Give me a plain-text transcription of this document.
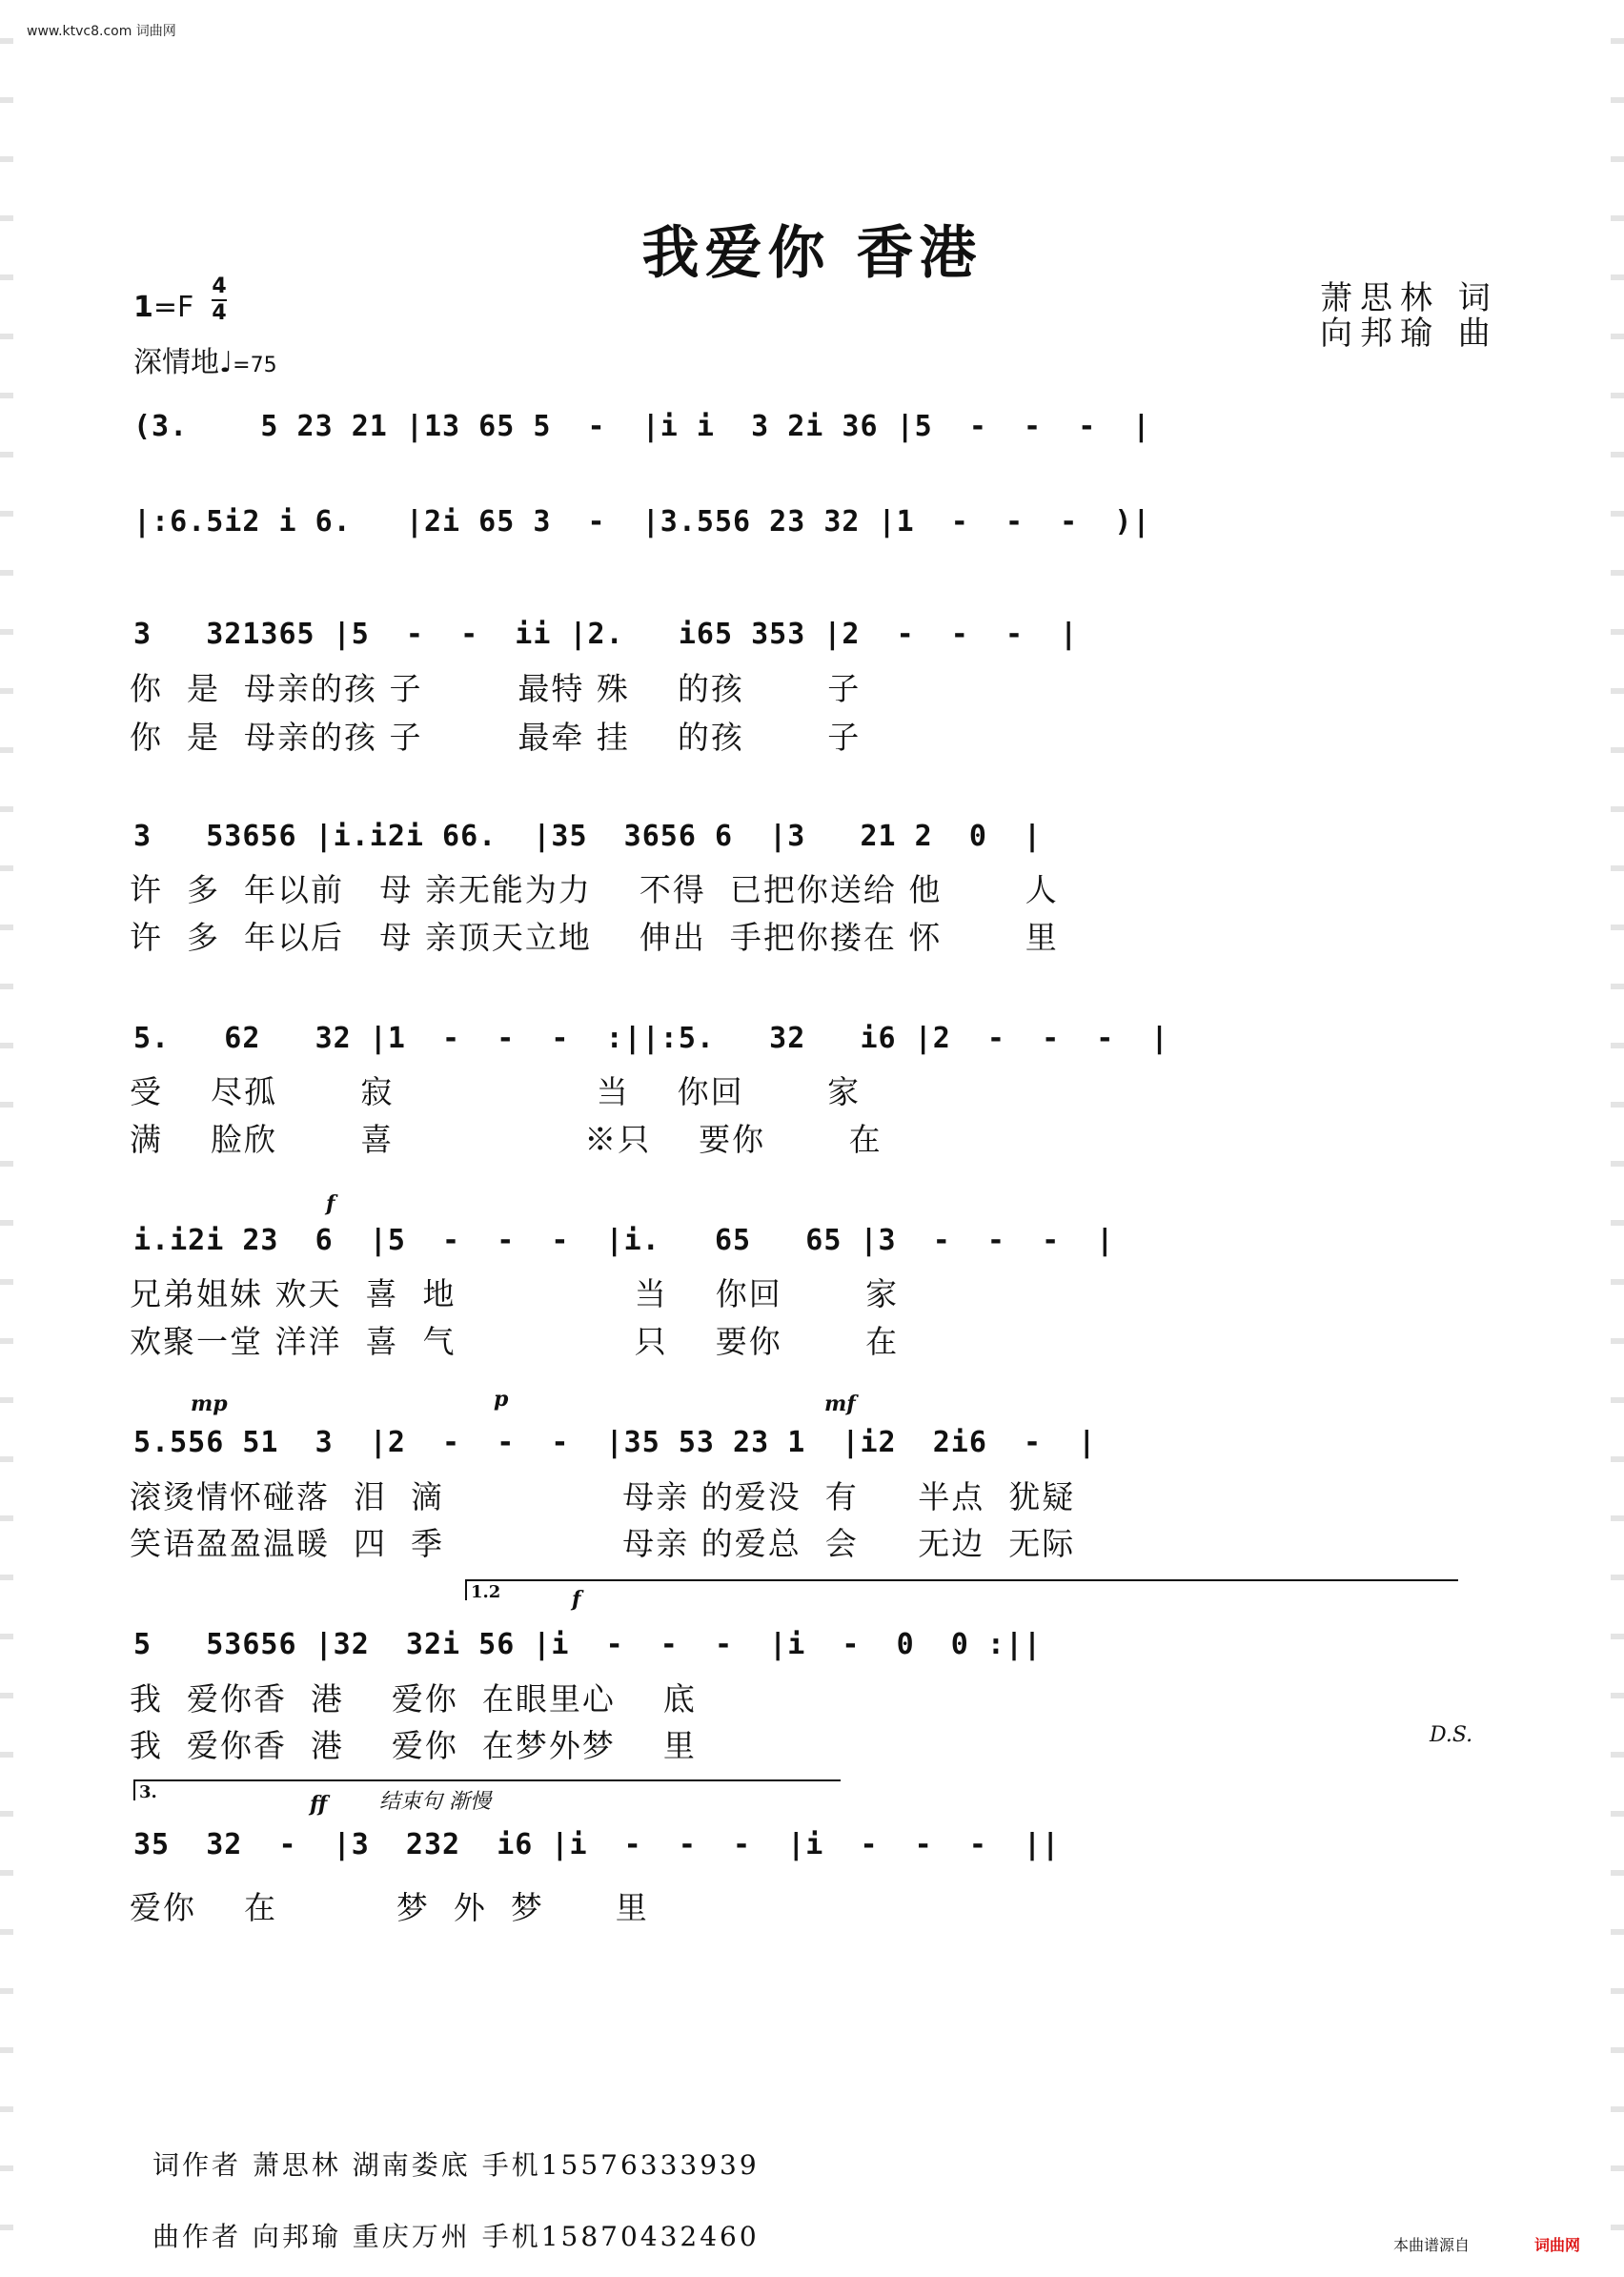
www.ktvc8.com 词曲网
我爱你 香港
萧思林 词
向邦瑜 曲
1=F
4
4
深情地♩=75
(3.    5 23 21 |13 65 5  -  |i i  3 2i 36 |5  -  -  -  |
|:6.5i2 i 6.   |2i 65 3  -  |3.556 23 32 |1  -  -  -  )|
3   321365 |5  -  -  ii |2.   i65 353 |2  -  -  -  |
你  是  母亲的孩 子        最特 殊    的孩       子
你  是  母亲的孩 子        最牵 挂    的孩       子
3   53656 |i.i2i 66.  |35  3656 6  |3   21 2  0  |
许  多  年以前   母 亲无能为力    不得  已把你送给 他       人
许  多  年以后   母 亲顶天立地    伸出  手把你搂在 怀       里
5.   62   32 |1  -  -  -  :||:5.   32   i6 |2  -  -  -  |
受    尽孤       寂                 当    你回       家
满    脸欣       喜                ※只    要你       在
i.i2i 23  6  |5  -  -  -  |i.   65   65 |3  -  -  -  |
兄弟姐妹 欢天  喜  地               当    你回       家
欢聚一堂 洋洋  喜  气               只    要你       在
5.556 51  3  |2  -  -  -  |35 53 23 1  |i2  2i6  -  |
滚烫情怀碰落  泪  滴               母亲 的爱没  有     半点  犹疑
笑语盈盈温暖  四  季               母亲 的爱总  会     无边  无际
5   53656 |32  32i 56 |i  -  -  -  |i  -  0  0 :||
我  爱你香  港    爱你  在眼里心    底
我  爱你香  港    爱你  在梦外梦    里
35  32  -  |3  232  i6 |i  -  -  -  |i  -  -  -  ||
爱你    在          梦  外  梦      里
f
mp	p	mf
f
ff 结束句 渐慢
D.S.
1.2
3.
词作者 萧思林 湖南娄底 手机15576333939
曲作者 向邦瑜 重庆万州 手机15870432460	本曲谱源自	词曲网
